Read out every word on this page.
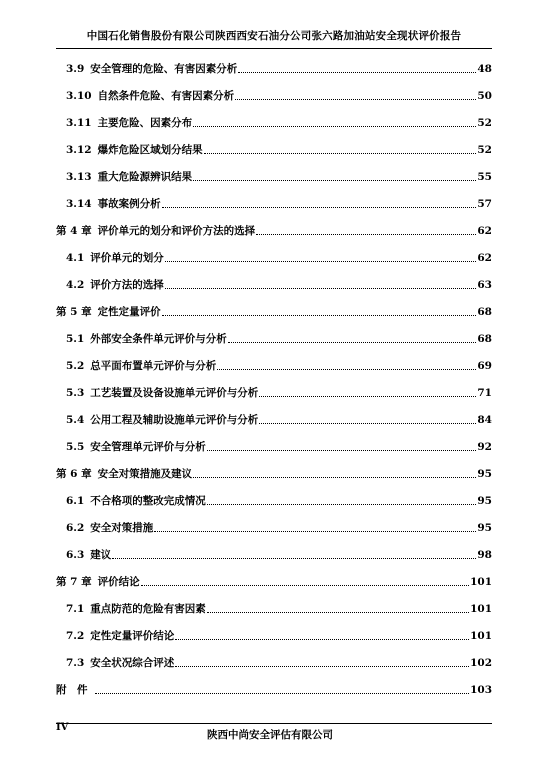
中国石化销售股份有限公司陕西西安石油分公司张六路加油站安全现状评价报告
3.9 安全管理的危险、有害因素分析	48
3.10 自然条件危险、有害因素分析	50
3.11 主要危险、因素分布	52
3.12 爆炸危险区域划分结果	52
3.13 重大危险源辨识结果	55
3.14 事故案例分析	57
第 4 章 评价单元的划分和评价方法的选择	62
4.1 评价单元的划分	62
4.2 评价方法的选择	63
第 5 章 定性定量评价	68
5.1 外部安全条件单元评价与分析	68
5.2 总平面布置单元评价与分析	69
5.3 工艺装置及设备设施单元评价与分析	71
5.4 公用工程及辅助设施单元评价与分析	84
5.5 安全管理单元评价与分析	92
第 6 章 安全对策措施及建议	95
6.1 不合格项的整改完成情况	95
6.2 安全对策措施	95
6.3 建议	98
第 7 章 评价结论	101
7.1 重点防范的危险有害因素	101
7.2 定性定量评价结论	101
7.3 安全状况综合评述	102
附　件	103
IV
陕西中尚安全评估有限公司
